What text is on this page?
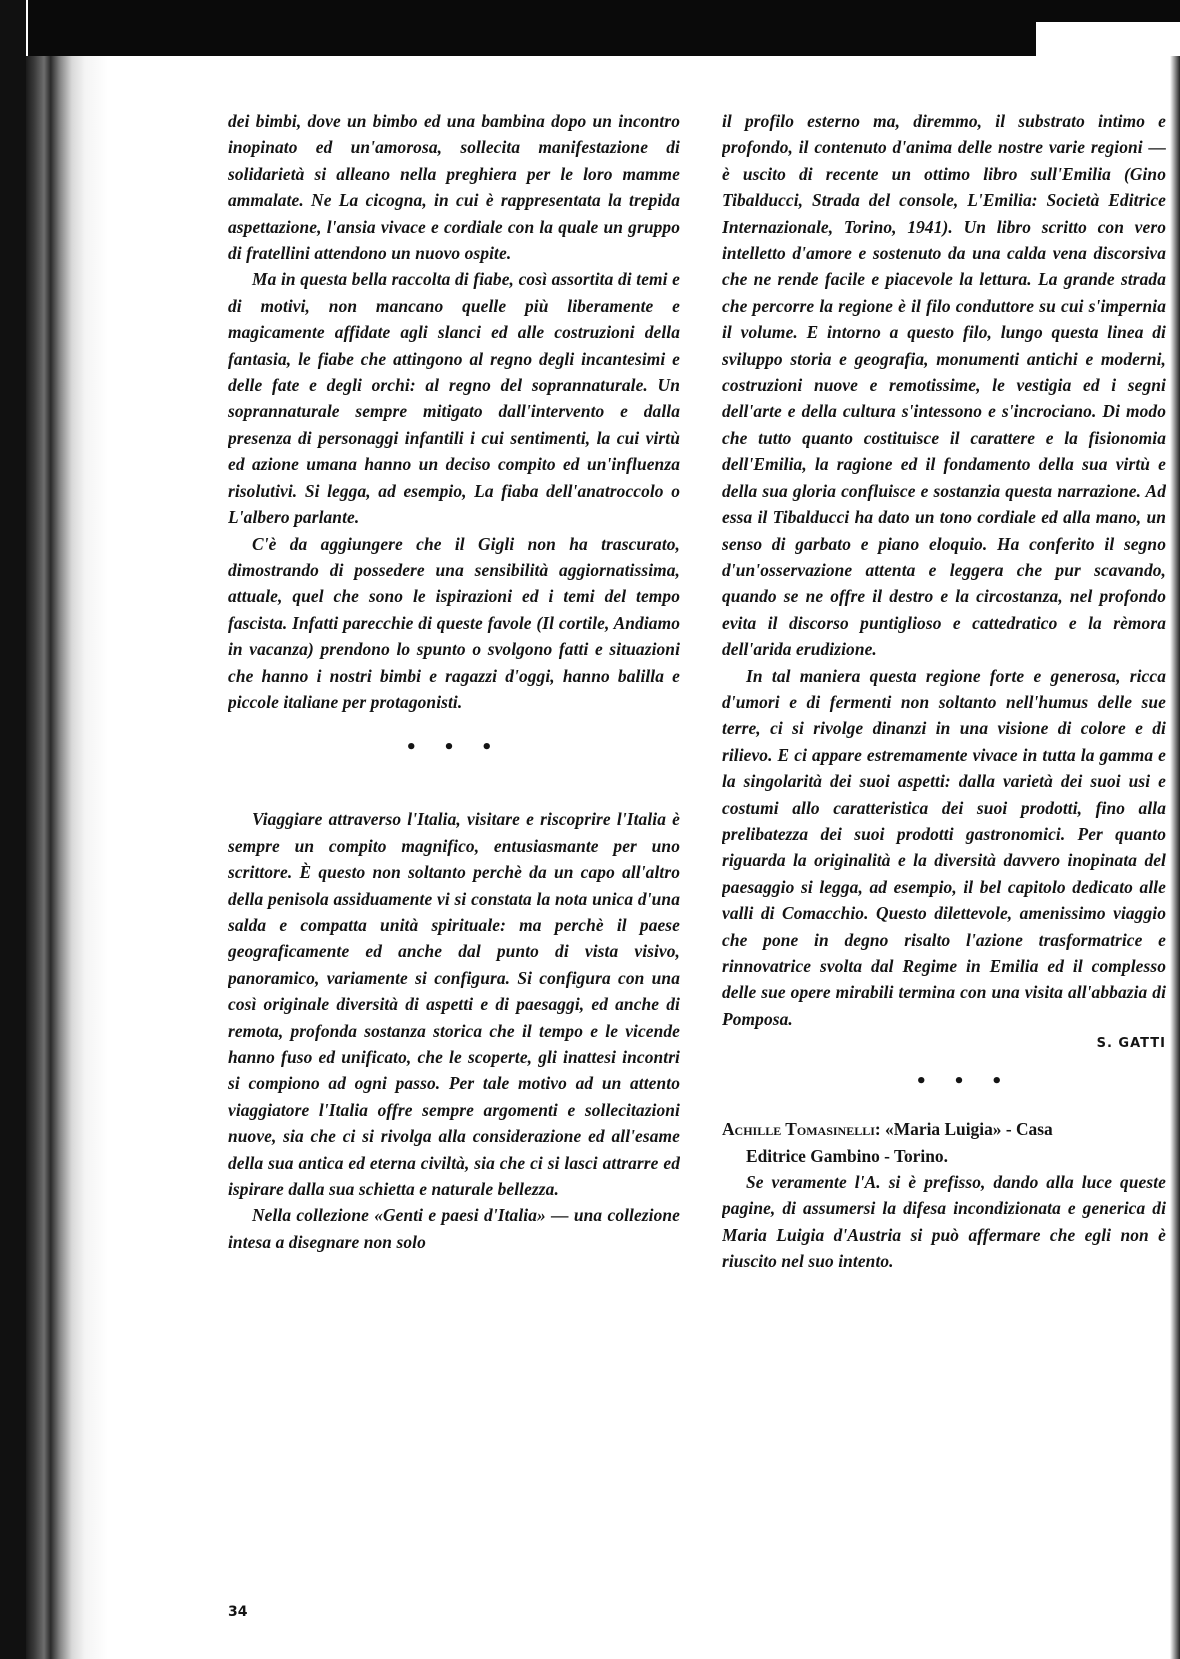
dei bimbi, dove un bimbo ed una bambina dopo un incontro inopinato ed un'amorosa, sollecita manifestazione di solidarietà si alleano nella preghiera per le loro mamme ammalate. Ne La cicogna, in cui è rappresentata la trepida aspettazione, l'ansia vivace e cordiale con la quale un gruppo di fratellini attendono un nuovo ospite.

Ma in questa bella raccolta di fiabe, così assortita di temi e di motivi, non mancano quelle più liberamente e magicamente affidate agli slanci ed alle costruzioni della fantasia, le fiabe che attingono al regno degli incantesimi e delle fate e degli orchi: al regno del soprannaturale. Un soprannaturale sempre mitigato dall'intervento e dalla presenza di personaggi infantili i cui sentimenti, la cui virtù ed azione umana hanno un deciso compito ed un'influenza risolutivi. Si legga, ad esempio, La fiaba dell'anatroccolo o L'albero parlante.

C'è da aggiungere che il Gigli non ha trascurato, dimostrando di possedere una sensibilità aggiornatissima, attuale, quel che sono le ispirazioni ed i temi del tempo fascista. Infatti parecchie di queste favole (Il cortile, Andiamo in vacanza) prendono lo spunto o svolgono fatti e situazioni che hanno i nostri bimbi e ragazzi d'oggi, hanno balilla e piccole italiane per protagonisti.

• • •

Viaggiare attraverso l'Italia, visitare e riscoprire l'Italia è sempre un compito magnifico, entusiasmante per uno scrittore. È questo non soltanto perchè da un capo all'altro della penisola assiduamente vi si constata la nota unica d'una salda e compatta unità spirituale: ma perchè il paese geograficamente ed anche dal punto di vista visivo, panoramico, variamente si configura. Si configura con una così originale diversità di aspetti e di paesaggi, ed anche di remota, profonda sostanza storica che il tempo e le vicende hanno fuso ed unificato, che le scoperte, gli inattesi incontri si compiono ad ogni passo. Per tale motivo ad un attento viaggiatore l'Italia offre sempre argomenti e sollecitazioni nuove, sia che ci si rivolga alla considerazione ed all'esame della sua antica ed eterna civiltà, sia che ci si lasci attrarre ed ispirare dalla sua schietta e naturale bellezza.

Nella collezione «Genti e paesi d'Italia» — una collezione intesa a disegnare non solo

il profilo esterno ma, diremmo, il substrato intimo e profondo, il contenuto d'anima delle nostre varie regioni — è uscito di recente un ottimo libro sull'Emilia (Gino Tibalducci, Strada del console, L'Emilia: Società Editrice Internazionale, Torino, 1941). Un libro scritto con vero intelletto d'amore e sostenuto da una calda vena discorsiva che ne rende facile e piacevole la lettura. La grande strada che percorre la regione è il filo conduttore su cui s'impernia il volume. E intorno a questo filo, lungo questa linea di sviluppo storia e geografia, monumenti antichi e moderni, costruzioni nuove e remotissime, le vestigia ed i segni dell'arte e della cultura s'intessono e s'incrociano. Di modo che tutto quanto costituisce il carattere e la fisionomia dell'Emilia, la ragione ed il fondamento della sua virtù e della sua gloria confluisce e sostanzia questa narrazione. Ad essa il Tibalducci ha dato un tono cordiale ed alla mano, un senso di garbato e piano eloquio. Ha conferito il segno d'un'osservazione attenta e leggera che pur scavando, quando se ne offre il destro e la circostanza, nel profondo evita il discorso puntiglioso e cattedratico e la rèmora dell'arida erudizione.

In tal maniera questa regione forte e generosa, ricca d'umori e di fermenti non soltanto nell'humus delle sue terre, ci si rivolge dinanzi in una visione di colore e di rilievo. E ci appare estremamente vivace in tutta la gamma e la singolarità dei suoi aspetti: dalla varietà dei suoi usi e costumi allo caratteristica dei suoi prodotti, fino alla prelibatezza dei suoi prodotti gastronomici. Per quanto riguarda la originalità e la diversità davvero inopinata del paesaggio si legga, ad esempio, il bel capitolo dedicato alle valli di Comacchio. Questo dilettevole, amenissimo viaggio che pone in degno risalto l'azione trasformatrice e rinnovatrice svolta dal Regime in Emilia ed il complesso delle sue opere mirabili termina con una visita all'abbazia di Pomposa.

S. GATTI
• • •

Achille Tomasinelli: «Maria Luigia» - Casa
Editrice Gambino - Torino.

Se veramente l'A. si è prefisso, dando alla luce queste pagine, di assumersi la difesa incondizionata e generica di Maria Luigia d'Austria si può affermare che egli non è riuscito nel suo intento.

34
